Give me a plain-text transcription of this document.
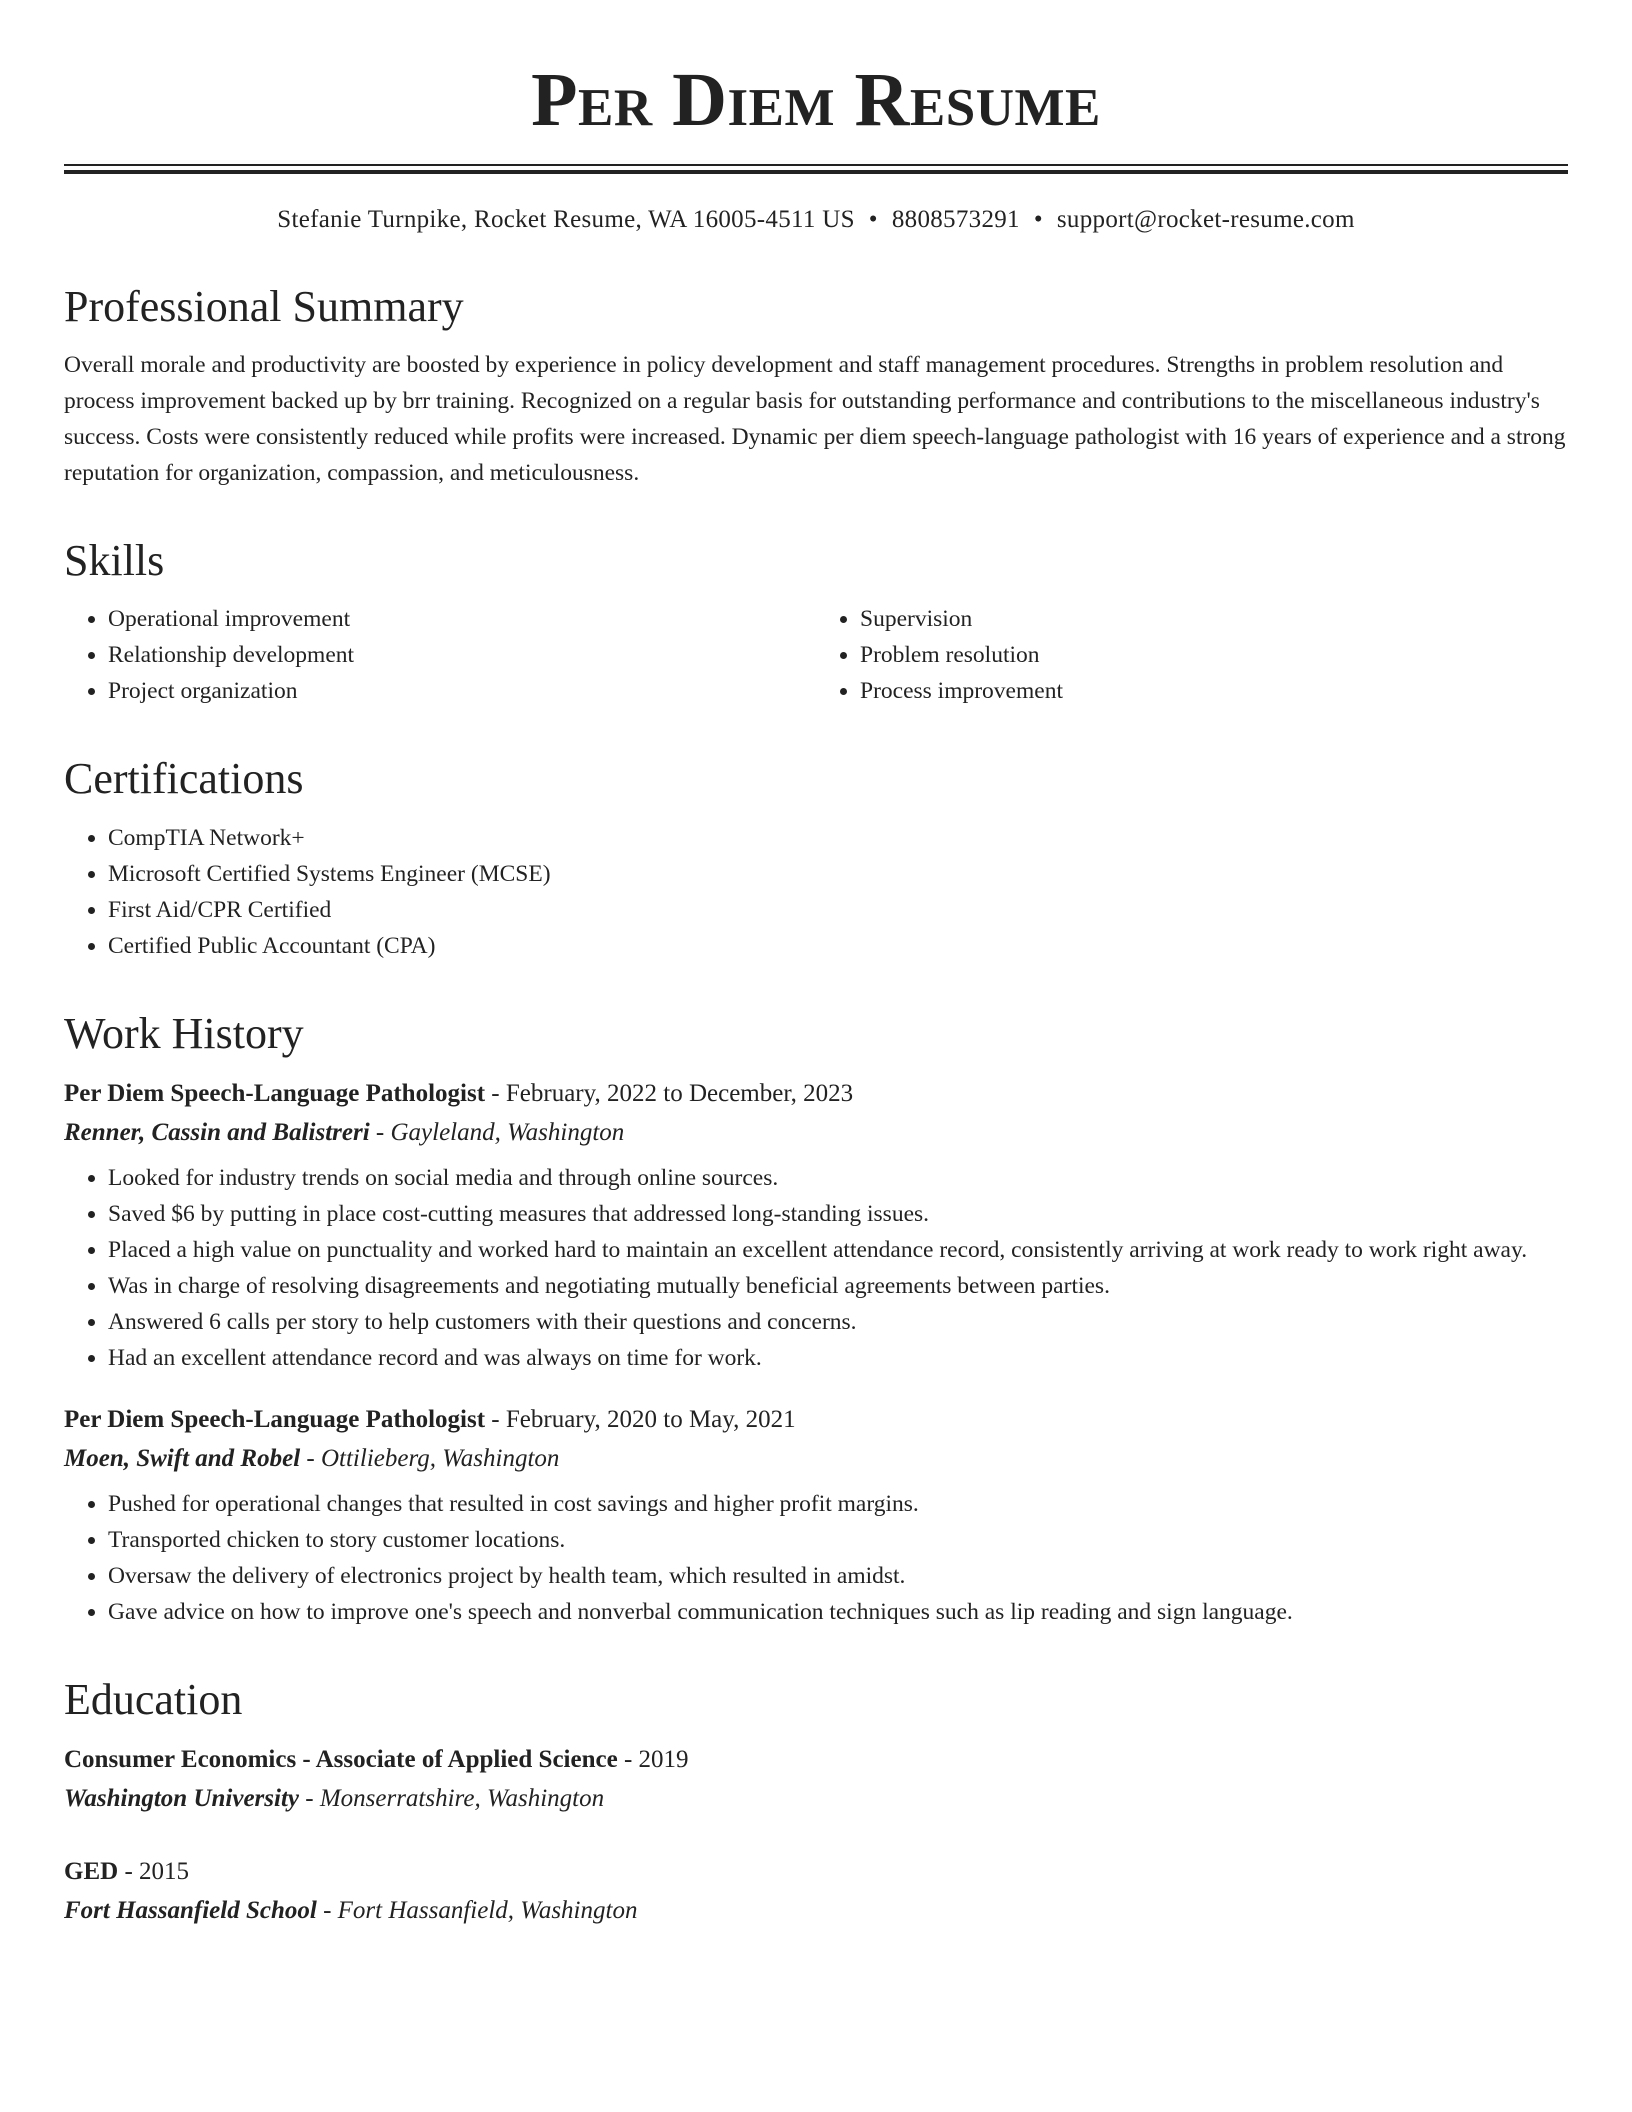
Per Diem Resume
Stefanie Turnpike, Rocket Resume, WA 16005-4511 US • 8808573291 • support@rocket-resume.com
Professional Summary

Overall morale and productivity are boosted by experience in policy development and staff management procedures. Strengths in problem resolution and process improvement backed up by brr training. Recognized on a regular basis for outstanding performance and contributions to the miscellaneous industry's success. Costs were consistently reduced while profits were increased. Dynamic per diem speech-language pathologist with 16 years of experience and a strong reputation for organization, compassion, and meticulousness.

Skills
• Operational improvement
• Relationship development
• Project organization
• Supervision
• Problem resolution
• Process improvement
Certifications
• CompTIA Network+
• Microsoft Certified Systems Engineer (MCSE)
• First Aid/CPR Certified
• Certified Public Accountant (CPA)
Work History

Per Diem Speech-Language Pathologist - February, 2022 to December, 2023

Renner, Cassin and Balistreri - Gayleland, Washington

• Looked for industry trends on social media and through online sources.
• Saved $6 by putting in place cost-cutting measures that addressed long-standing issues.
• Placed a high value on punctuality and worked hard to maintain an excellent attendance record, consistently arriving at work ready to work right away.
• Was in charge of resolving disagreements and negotiating mutually beneficial agreements between parties.
• Answered 6 calls per story to help customers with their questions and concerns.
• Had an excellent attendance record and was always on time for work.

Per Diem Speech-Language Pathologist - February, 2020 to May, 2021

Moen, Swift and Robel - Ottilieberg, Washington

• Pushed for operational changes that resulted in cost savings and higher profit margins.
• Transported chicken to story customer locations.
• Oversaw the delivery of electronics project by health team, which resulted in amidst.
• Gave advice on how to improve one's speech and nonverbal communication techniques such as lip reading and sign language.
Education

Consumer Economics - Associate of Applied Science - 2019

Washington University - Monserratshire, Washington

GED - 2015

Fort Hassanfield School - Fort Hassanfield, Washington
